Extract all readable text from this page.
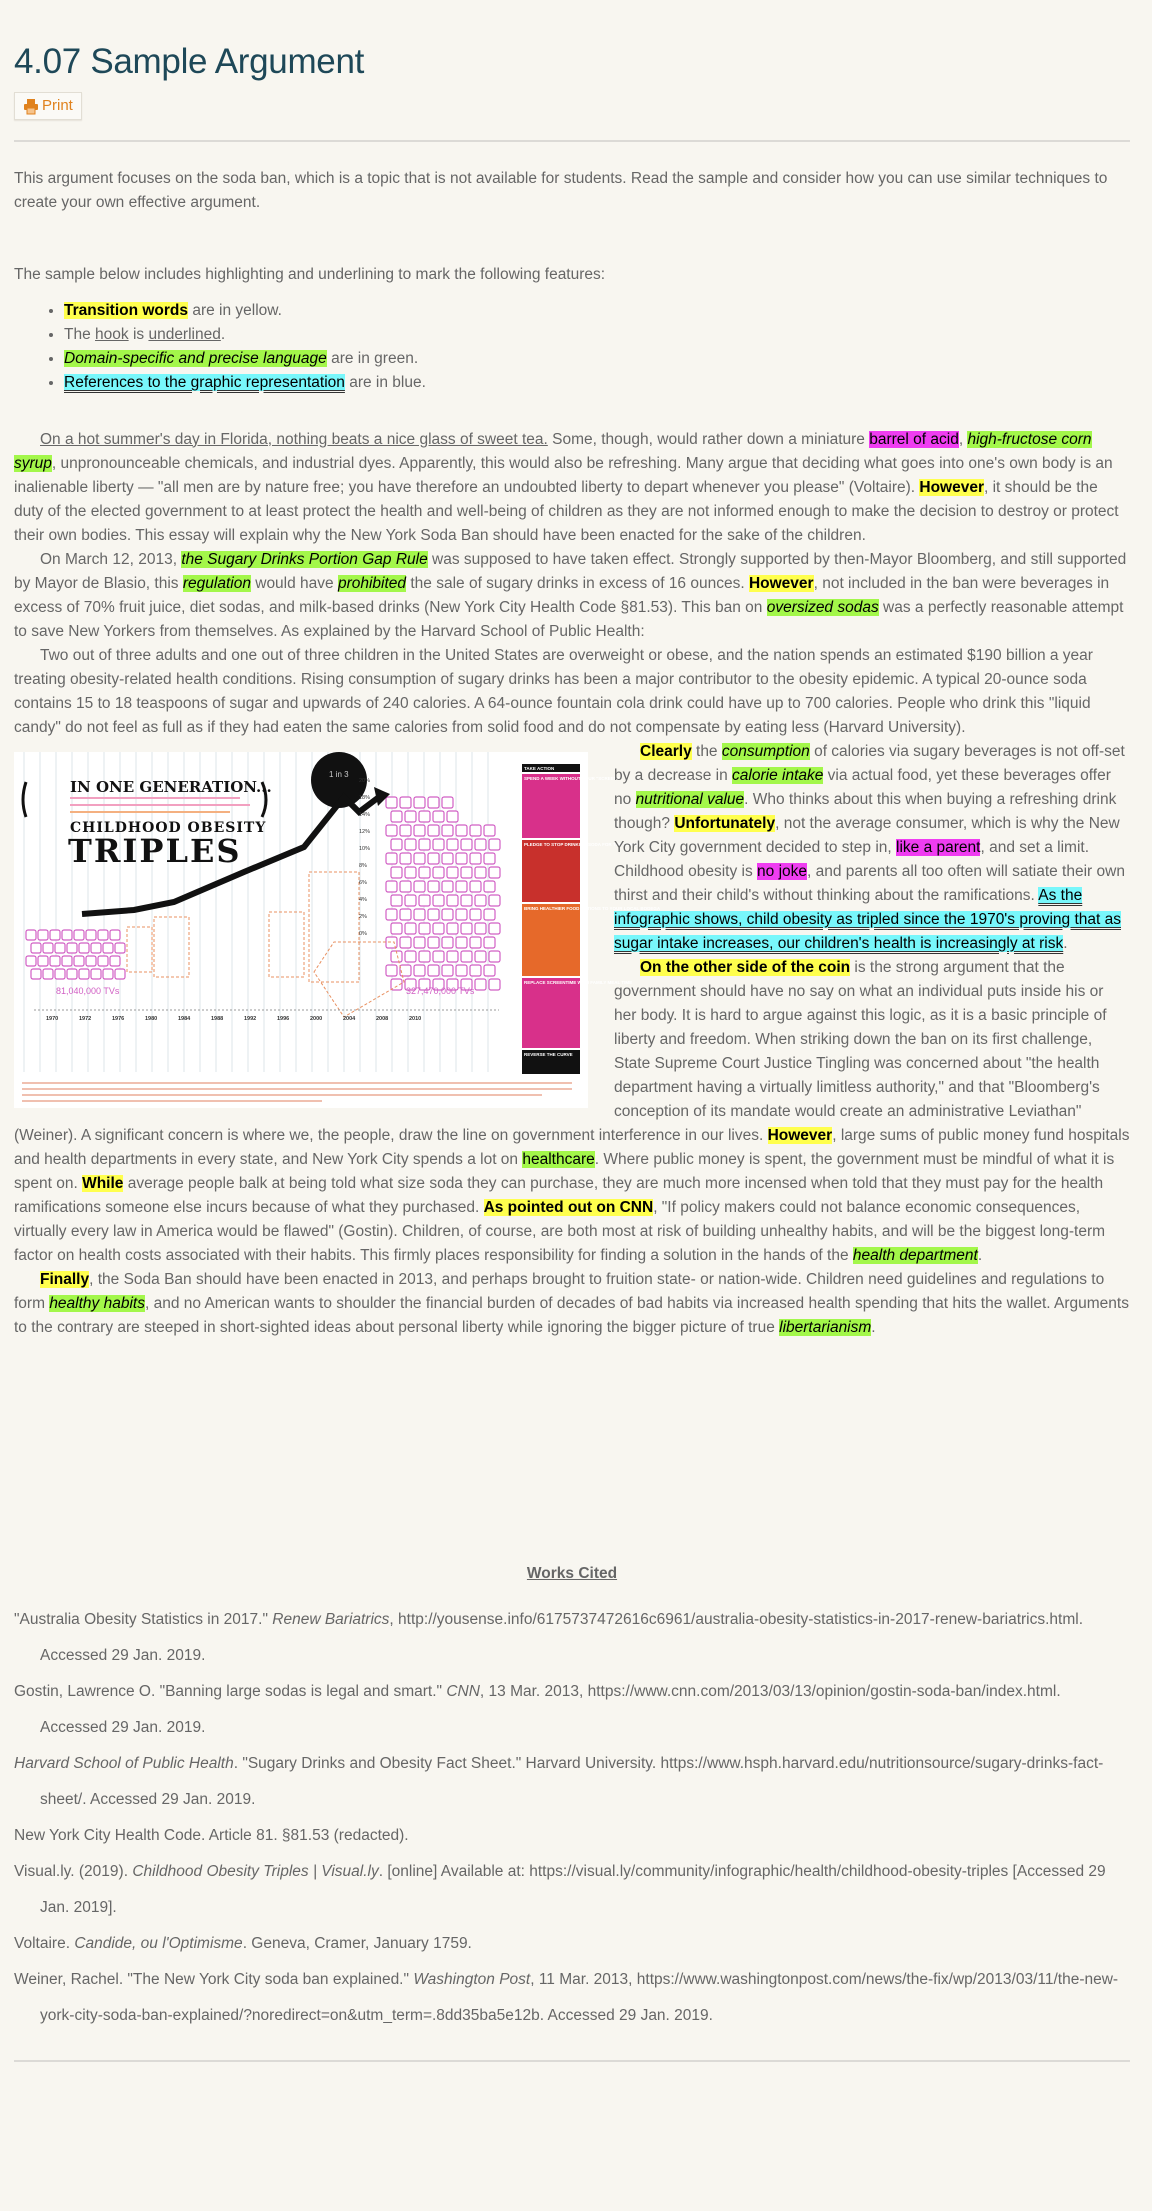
4.07 Sample Argument
Print

This argument focuses on the soda ban, which is a topic that is not available for students. Read the sample and consider how you can use similar techniques to create your own effective argument.

The sample below includes highlighting and underlining to mark the following features:

• Transition words are in yellow.
• The hook is underlined.
• Domain-specific and precise language are in green.
• References to the graphic representation are in blue.

On a hot summer's day in Florida, nothing beats a nice glass of sweet tea. Some, though, would rather down a miniature barrel of acid, high-fructose corn syrup, unpronounceable chemicals, and industrial dyes. Apparently, this would also be refreshing. Many argue that deciding what goes into one's own body is an inalienable liberty — "all men are by nature free; you have therefore an undoubted liberty to depart whenever you please" (Voltaire). However, it should be the duty of the elected government to at least protect the health and well-being of children as they are not informed enough to make the decision to destroy or protect their own bodies. This essay will explain why the New York Soda Ban should have been enacted for the sake of the children.

On March 12, 2013, the Sugary Drinks Portion Gap Rule was supposed to have taken effect. Strongly supported by then-Mayor Bloomberg, and still supported by Mayor de Blasio, this regulation would have prohibited the sale of sugary drinks in excess of 16 ounces. However, not included in the ban were beverages in excess of 70% fruit juice, diet sodas, and milk-based drinks (New York City Health Code §81.53). This ban on oversized sodas was a perfectly reasonable attempt to save New Yorkers from themselves. As explained by the Harvard School of Public Health:

Two out of three adults and one out of three children in the United States are overweight or obese, and the nation spends an estimated $190 billion a year treating obesity-related health conditions. Rising consumption of sugary drinks has been a major contributor to the obesity epidemic. A typical 20-ounce soda contains 15 to 18 teaspoons of sugar and upwards of 240 calories. A 64-ounce fountain cola drink could have up to 700 calories. People who drink this "liquid candy" do not feel as full as if they had eaten the same calories from solid food and do not compensate by eating less (Harvard University).

IN ONE GENERATION...
CHILDHOOD OBESITY
TRIPLES
1 in 3
81,040,000 TVs	327,470,000 TVs
20%
18%
14%
12%
10%
8%
6%
4%
2%
0%
1970	1972	1976	1980	1984	1988	1992	1996	2000	2004	2008	2010
TAKE ACTION
SPEND A WEEK WITHOUT YOUR "SCREENS"
PLEDGE TO STOP DRINKING SODA FOR THE SUMMER
BRING HEALTHIER FOOD OPTIONS TO YOUR LOCAL BODEGA
REPLACE SCREENTIME WITH FAMILY MEAL TIME
REVERSE THE CURVE

Clearly the consumption of calories via sugary beverages is not off-set by a decrease in calorie intake via actual food, yet these beverages offer no nutritional value. Who thinks about this when buying a refreshing drink though? Unfortunately, not the average consumer, which is why the New York City government decided to step in, like a parent, and set a limit. Childhood obesity is no joke, and parents all too often will satiate their own thirst and their child's without thinking about the ramifications. As the infographic shows, child obesity as tripled since the 1970's proving that as sugar intake increases, our children's health is increasingly at risk.

On the other side of the coin is the strong argument that the government should have no say on what an individual puts inside his or her body. It is hard to argue against this logic, as it is a basic principle of liberty and freedom. When striking down the ban on its first challenge, State Supreme Court Justice Tingling was concerned about "the health department having a virtually limitless authority," and that "Bloomberg's conception of its mandate would create an administrative Leviathan" (Weiner). A significant concern is where we, the people, draw the line on government interference in our lives. However, large sums of public money fund hospitals and health departments in every state, and New York City spends a lot on healthcare. Where public money is spent, the government must be mindful of what it is spent on. While average people balk at being told what size soda they can purchase, they are much more incensed when told that they must pay for the health ramifications someone else incurs because of what they purchased. As pointed out on CNN, "If policy makers could not balance economic consequences, virtually every law in America would be flawed" (Gostin). Children, of course, are both most at risk of building unhealthy habits, and will be the biggest long-term factor on health costs associated with their habits. This firmly places responsibility for finding a solution in the hands of the health department.

Finally, the Soda Ban should have been enacted in 2013, and perhaps brought to fruition state- or nation-wide. Children need guidelines and regulations to form healthy habits, and no American wants to shoulder the financial burden of decades of bad habits via increased health spending that hits the wallet. Arguments to the contrary are steeped in short-sighted ideas about personal liberty while ignoring the bigger picture of true libertarianism.

Works Cited

"Australia Obesity Statistics in 2017." Renew Bariatrics, http://yousense.info/6175737472616c6961/australia-obesity-statistics-in-2017-renew-bariatrics.html. Accessed 29 Jan. 2019.

Gostin, Lawrence O. "Banning large sodas is legal and smart." CNN, 13 Mar. 2013, https://www.cnn.com/2013/03/13/opinion/gostin-soda-ban/index.html. Accessed 29 Jan. 2019.

Harvard School of Public Health. "Sugary Drinks and Obesity Fact Sheet." Harvard University. https://www.hsph.harvard.edu/nutritionsource/sugary-drinks-fact-sheet/. Accessed 29 Jan. 2019.

New York City Health Code. Article 81. §81.53 (redacted).

Visual.ly. (2019). Childhood Obesity Triples | Visual.ly. [online] Available at: https://visual.ly/community/infographic/health/childhood-obesity-triples [Accessed 29 Jan. 2019].

Voltaire. Candide, ou l'Optimisme. Geneva, Cramer, January 1759.

Weiner, Rachel. "The New York City soda ban explained." Washington Post, 11 Mar. 2013, https://www.washingtonpost.com/news/the-fix/wp/2013/03/11/the-new-york-city-soda-ban-explained/?noredirect=on&utm_term=.8dd35ba5e12b. Accessed 29 Jan. 2019.
